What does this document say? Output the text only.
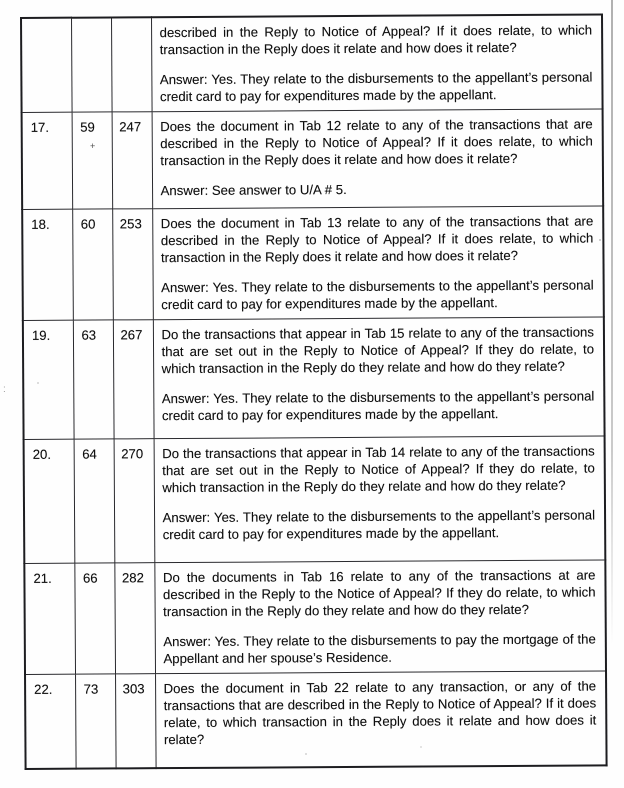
			described in the Reply to Notice of Appeal? If it does relate, to which transaction in the Reply does it relate and how does it relate?

Answer: Yes. They relate to the disbursements to the appellant’s personal credit card to pay for expenditures made by the appellant.

17.	59	247	Does the document in Tab 12 relate to any of the transactions that are described in the Reply to Notice of Appeal? If it does relate, to which transaction in the Reply does it relate and how does it relate?

Answer: See answer to U/A # 5.

18.	60	253	Does the document in Tab 13 relate to any of the transactions that are described in the Reply to Notice of Appeal? If it does relate, to which transaction in the Reply does it relate and how does it relate?

Answer: Yes. They relate to the disbursements to the appellant’s personal credit card to pay for expenditures made by the appellant.

19.	63	267	Do the transactions that appear in Tab 15 relate to any of the transactions that are set out in the Reply to Notice of Appeal? If they do relate, to which transaction in the Reply do they relate and how do they relate?

Answer: Yes. They relate to the disbursements to the appellant’s personal credit card to pay for expenditures made by the appellant.

20.	64	270	Do the transactions that appear in Tab 14 relate to any of the transactions that are set out in the Reply to Notice of Appeal? If they do relate, to which transaction in the Reply do they relate and how do they relate?

Answer: Yes. They relate to the disbursements to the appellant’s personal credit card to pay for expenditures made by the appellant.

21.	66	282	Do the documents in Tab 16 relate to any of the transactions at are described in the Reply to the Notice of Appeal? If they do relate, to which transaction in the Reply do they relate and how do they relate?

Answer: Yes. They relate to the disbursements to pay the mortgage of the Appellant and her spouse’s Residence.

22.	73	303	Does the document in Tab 22 relate to any transaction, or any of the transactions that are described in the Reply to Notice of Appeal? If it does relate, to which transaction in the Reply does it relate and how does it relate?

+
:
